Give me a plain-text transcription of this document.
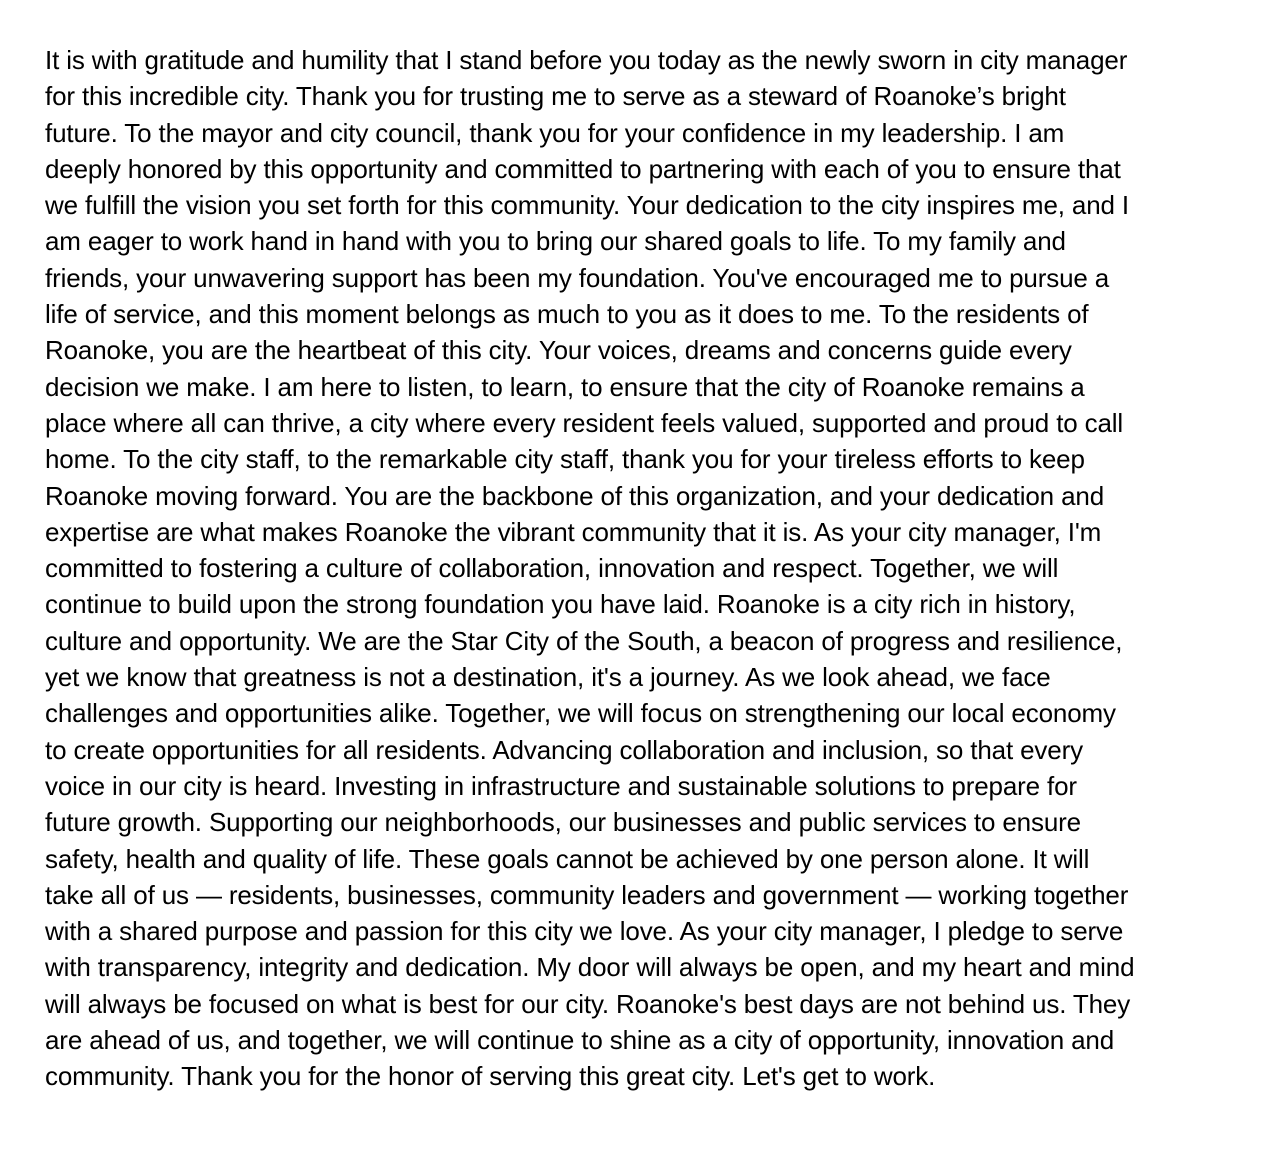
It is with gratitude and humility that I stand before you today as the newly sworn in city manager
for this incredible city. Thank you for trusting me to serve as a steward of Roanoke’s bright
future. To the mayor and city council, thank you for your confidence in my leadership. I am
deeply honored by this opportunity and committed to partnering with each of you to ensure that
we fulfill the vision you set forth for this community. Your dedication to the city inspires me, and I
am eager to work hand in hand with you to bring our shared goals to life. To my family and
friends, your unwavering support has been my foundation. You've encouraged me to pursue a
life of service, and this moment belongs as much to you as it does to me. To the residents of
Roanoke, you are the heartbeat of this city. Your voices, dreams and concerns guide every
decision we make. I am here to listen, to learn, to ensure that the city of Roanoke remains a
place where all can thrive, a city where every resident feels valued, supported and proud to call
home. To the city staff, to the remarkable city staff, thank you for your tireless efforts to keep
Roanoke moving forward. You are the backbone of this organization, and your dedication and
expertise are what makes Roanoke the vibrant community that it is. As your city manager, I'm
committed to fostering a culture of collaboration, innovation and respect. Together, we will
continue to build upon the strong foundation you have laid. Roanoke is a city rich in history,
culture and opportunity. We are the Star City of the South, a beacon of progress and resilience,
yet we know that greatness is not a destination, it's a journey. As we look ahead, we face
challenges and opportunities alike. Together, we will focus on strengthening our local economy
to create opportunities for all residents. Advancing collaboration and inclusion, so that every
voice in our city is heard. Investing in infrastructure and sustainable solutions to prepare for
future growth. Supporting our neighborhoods, our businesses and public services to ensure
safety, health and quality of life. These goals cannot be achieved by one person alone. It will
take all of us — residents, businesses, community leaders and government — working together
with a shared purpose and passion for this city we love. As your city manager, I pledge to serve
with transparency, integrity and dedication. My door will always be open, and my heart and mind
will always be focused on what is best for our city. Roanoke's best days are not behind us. They
are ahead of us, and together, we will continue to shine as a city of opportunity, innovation and
community. Thank you for the honor of serving this great city. Let's get to work.
